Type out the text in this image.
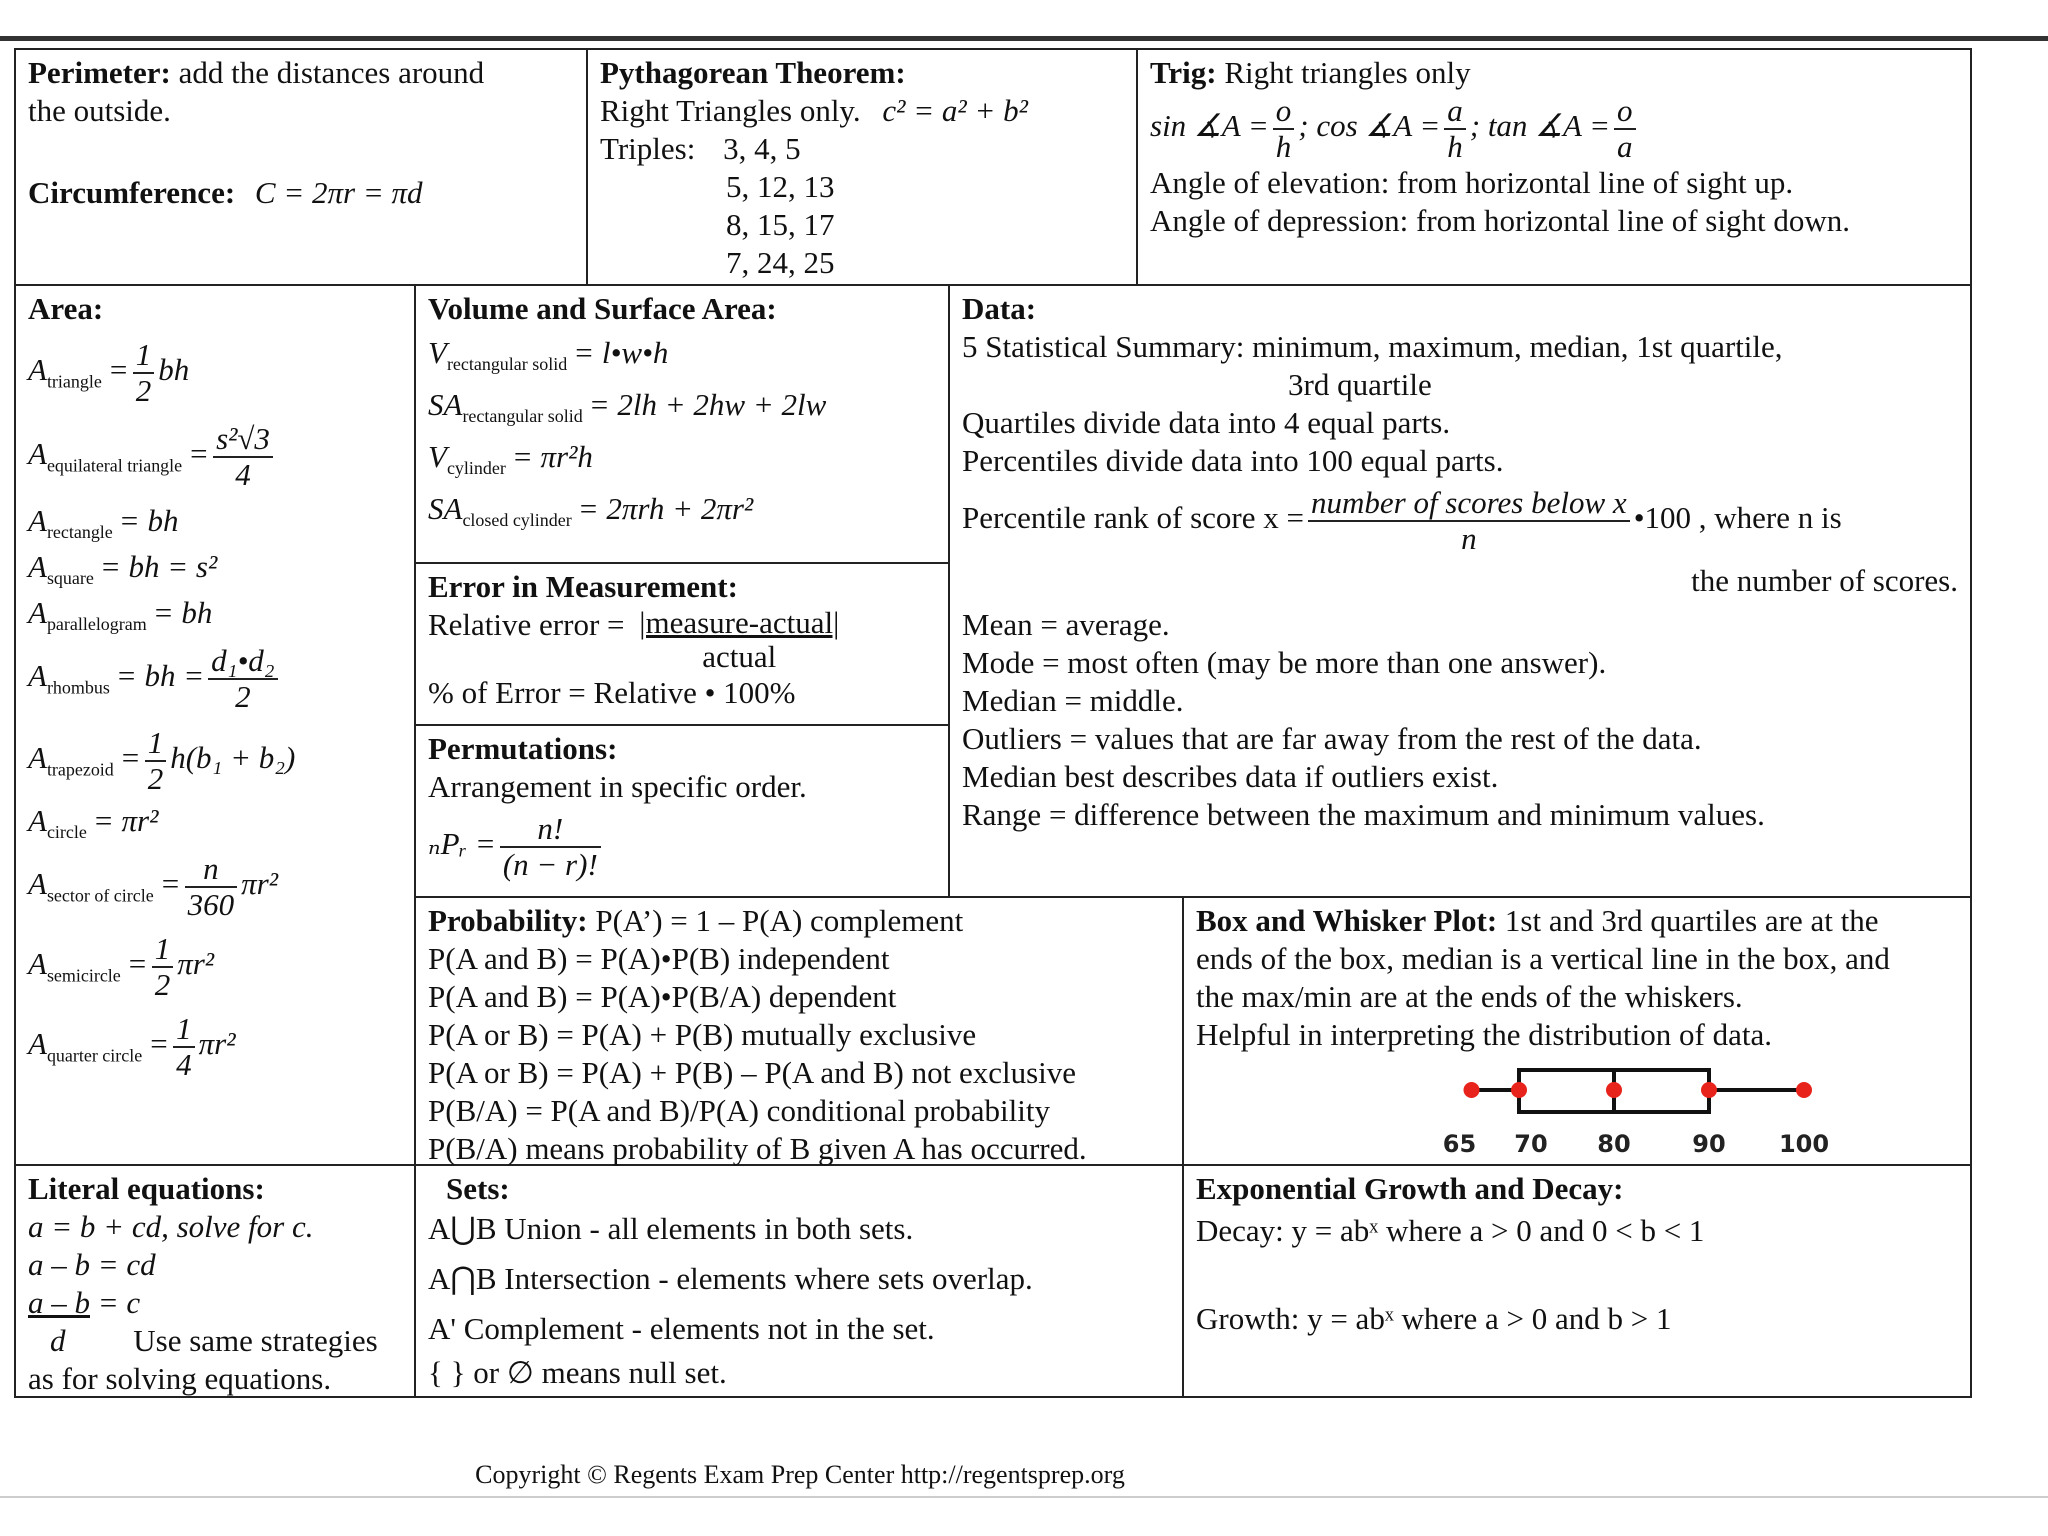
Perimeter: add the distances around
the outside.
Circumference: C = 2πr = πd
Pythagorean Theorem:
Right Triangles only. c² = a² + b²
Triples: 3, 4, 5
5, 12, 13
8, 15, 17
7, 24, 25
Trig: Right triangles only
sin ∡A = $\frac{o}{h}$ ; cos ∡A = $\frac{a}{h}$ ; tan ∡A = $\frac{o}{a}$
Angle of elevation: from horizontal line of sight up.
Angle of depression: from horizontal line of sight down.
Area:
$A_{triangle} = \frac{1}{2}$ bh
$A_{equilateral triangle} = \frac{\text{s²√3}}{4}$
$A_{rectangle}$ = bh
$A_{square}$ = bh = s²
$A_{parallelogram}$ = bh
$A_{rhombus}$ = bh = $\frac{\text{d₁•d₂}}{2}$
$A_{trapezoid} = \frac{1}{2} h(b_1 + b_2)$
$A_{circle} = \pi r^2$
$A_{sector of circle} = \frac{n}{360} \pi r^2$
$A_{semicircle} = \frac{1}{2} \pi r^2$
$A_{quarter circle} = \frac{1}{4} \pi r^2$
Volume and Surface Area:
$V_{rectangular solid}$ = l•w•h
$SA_{rectangular solid} = 2lh + 2hw + 2lw$
$V_{cylinder} = \pi r^2h$
$SA_{closed cylinder} = 2\pi rh + 2\pi r^2$
Error in Measurement:
Relative error = $\frac{\text{|measure-actual|}}{\text{actual}}$
% of Error = Relative • 100%
Permutations:
Arrangement in specific order.
ₙPᵣ = $\frac{n!}{(n - r)!}$
Data:
5 Statistical Summary: minimum, maximum, median, 1st quartile,
3rd quartile
Quartiles divide data into 4 equal parts.
Percentiles divide data into 100 equal parts.
Percentile rank of score $x = \frac{\text{number of scores below x}}{n}$ •100 , where n is
the number of scores.
Mean = average.
Mode = most often (may be more than one answer).
Median = middle.
Outliers = values that are far away from the rest of the data.
Median best describes data if outliers exist.
Range = difference between the maximum and minimum values.
Probability: P(A’) = 1 – P(A) complement
P(A and B) = P(A)•P(B) independent
P(A and B) = P(A)•P(B/A) dependent
P(A or B) = P(A) + P(B) mutually exclusive
P(A or B) = P(A) + P(B) – P(A and B) not exclusive
P(B/A) = P(A and B)/P(A) conditional probability
P(B/A) means probability of B given A has occurred.
Box and Whisker Plot: 1st and 3rd quartiles are at the
ends of the box, median is a vertical line in the box, and
the max/min are at the ends of the whiskers.
Helpful in interpreting the distribution of data.
65 70 80	90 100
Literal equations:
a = b + cd, solve for c.
a – b = cd
a – b = c
d Use same strategies
as for solving equations.
Sets:
A⋃B Union - all elements in both sets.
A⋂B Intersection - elements where sets overlap.
A' Complement - elements not in the set.
{ } or ∅ means null set.
Exponential Growth and Decay:
Decay: y = abˣ where a > 0 and 0 < b < 1
Growth: y = abˣ where a > 0 and b > 1
Copyright © Regents Exam Prep Center http://regentsprep.org
